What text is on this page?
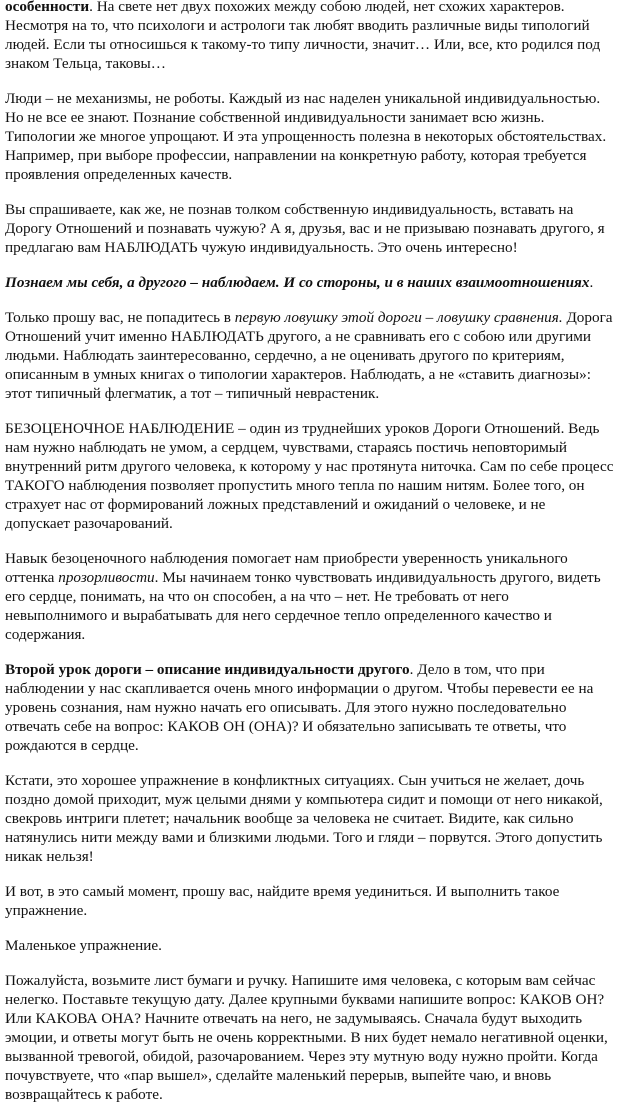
особенности. На свете нет двух похожих между собою людей, нет схожих характеров. Несмотря на то, что психологи и астрологи так любят вводить различные виды типологий людей. Если ты относишься к такому-то типу личности, значит… Или, все, кто родился под знаком Тельца, таковы…

Люди – не механизмы, не роботы. Каждый из нас наделен уникальной индивидуальностью. Но не все ее знают. Познание собственной индивидуальности занимает всю жизнь. Типологии же многое упрощают. И эта упрощенность полезна в некоторых обстоятельствах. Например, при выборе профессии, направлении на конкретную работу, которая требуется проявления определенных качеств.

Вы спрашиваете, как же, не познав толком собственную индивидуальность, вставать на Дорогу Отношений и познавать чужую? А я, друзья, вас и не призываю познавать другого, я предлагаю вам НАБЛЮДАТЬ чужую индивидуальность. Это очень интересно!

Познаем мы себя, а другого – наблюдаем. И со стороны, и в наших взаимоотношениях.

Только прошу вас, не попадитесь в первую ловушку этой дороги – ловушку сравнения. Дорога Отношений учит именно НАБЛЮДАТЬ другого, а не сравнивать его с собою или другими людьми. Наблюдать заинтересованно, сердечно, а не оценивать другого по критериям, описанным в умных книгах о типологии характеров. Наблюдать, а не «ставить диагнозы»: этот типичный флегматик, а тот – типичный неврастеник.

БЕЗОЦЕНОЧНОЕ НАБЛЮДЕНИЕ – один из труднейших уроков Дороги Отношений. Ведь нам нужно наблюдать не умом, а сердцем, чувствами, стараясь постичь неповторимый внутренний ритм другого человека, к которому у нас протянута ниточка. Сам по себе процесс ТАКОГО наблюдения позволяет пропустить много тепла по нашим нитям. Более того, он страхует нас от формирований ложных представлений и ожиданий о человеке, и не допускает разочарований.

Навык безоценочного наблюдения помогает нам приобрести уверенность уникального оттенка прозорливости. Мы начинаем тонко чувствовать индивидуальность другого, видеть его сердце, понимать, на что он способен, а на что – нет. Не требовать от него невыполнимого и вырабатывать для него сердечное тепло определенного качество и содержания.

Второй урок дороги – описание индивидуальности другого. Дело в том, что при наблюдении у нас скапливается очень много информации о другом. Чтобы перевести ее на уровень сознания, нам нужно начать его описывать. Для этого нужно последовательно отвечать себе на вопрос: КАКОВ ОН (ОНА)? И обязательно записывать те ответы, что рождаются в сердце.

Кстати, это хорошее упражнение в конфликтных ситуациях. Сын учиться не желает, дочь поздно домой приходит, муж целыми днями у компьютера сидит и помощи от него никакой, свекровь интриги плетет; начальник вообще за человека не считает. Видите, как сильно натянулись нити между вами и близкими людьми. Того и гляди – порвутся. Этого допустить никак нельзя!

И вот, в это самый момент, прошу вас, найдите время уединиться. И выполнить такое упражнение.

Маленькое упражнение.

Пожалуйста, возьмите лист бумаги и ручку. Напишите имя человека, с которым вам сейчас нелегко. Поставьте текущую дату. Далее крупными буквами напишите вопрос: КАКОВ ОН? Или КАКОВА ОНА? Начните отвечать на него, не задумываясь. Сначала будут выходить эмоции, и ответы могут быть не очень корректными. В них будет немало негативной оценки, вызванной тревогой, обидой, разочарованием. Через эту мутную воду нужно пройти. Когда почувствуете, что «пар вышел», сделайте маленький перерыв, выпейте чаю, и вновь возвращайтесь к работе.
